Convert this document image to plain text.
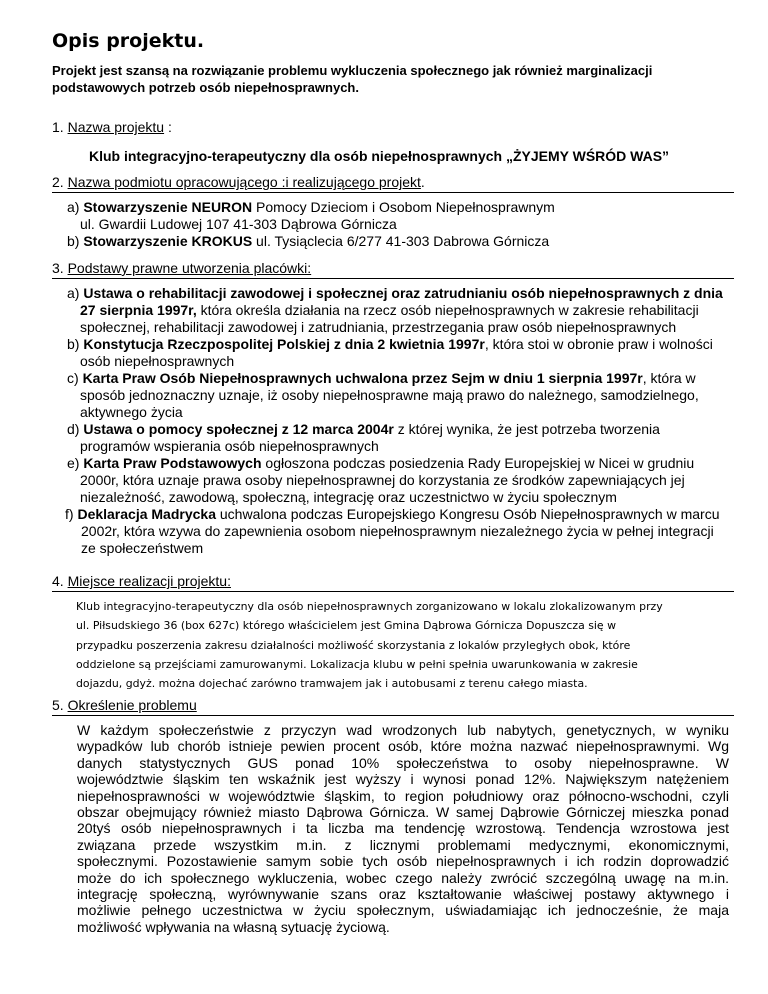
Opis projektu.

Projekt jest szansą na rozwiązanie problemu wykluczenia społecznego jak również marginalizacji podstawowych potrzeb osób niepełnosprawnych.

1. Nazwa projektu :
Klub integracyjno-terapeutyczny dla osób niepełnosprawnych „ŻYJEMY WŚRÓD WAS”
2. Nazwa podmiotu opracowującego :i realizującego projekt.
a) Stowarzyszenie NEURON Pomocy Dzieciom i Osobom Niepełnosprawnym
ul. Gwardii Ludowej 107 41-303 Dąbrowa Górnicza
b) Stowarzyszenie KROKUS ul. Tysiąclecia 6/277 41-303 Dabrowa Górnicza
3. Podstawy prawne utworzenia placówki:
a) Ustawa o rehabilitacji zawodowej i społecznej oraz zatrudnianiu osób niepełnosprawnych z dnia 27 sierpnia 1997r, która określa działania na rzecz osób niepełnosprawnych w zakresie rehabilitacji społecznej, rehabilitacji zawodowej i zatrudniania, przestrzegania praw osób niepełnosprawnych
b) Konstytucja Rzeczpospolitej Polskiej z dnia 2 kwietnia 1997r, która stoi w obronie praw i wolności osób niepełnosprawnych
c) Karta Praw Osób Niepełnosprawnych uchwalona przez Sejm w dniu 1 sierpnia 1997r, która w sposób jednoznaczny uznaje, iż osoby niepełnosprawne mają prawo do należnego, samodzielnego, aktywnego życia
d) Ustawa o pomocy społecznej z 12 marca 2004r z której wynika, że jest potrzeba tworzenia programów wspierania osób niepełnosprawnych
e) Karta Praw Podstawowych ogłoszona podczas posiedzenia Rady Europejskiej w Nicei w grudniu 2000r, która uznaje prawa osoby niepełnosprawnej do korzystania ze środków zapewniających jej niezależność, zawodową, społeczną, integrację oraz uczestnictwo w życiu społecznym
f) Deklaracja Madrycka uchwalona podczas Europejskiego Kongresu Osób Niepełnosprawnych w marcu 2002r, która wzywa do zapewnienia osobom niepełnosprawnym niezależnego życia w pełnej integracji ze społeczeństwem
4. Miejsce realizacji projektu:
Klub integracyjno-terapeutyczny dla osób niepełnosprawnych zorganizowano w lokalu zlokalizowanym przy
ul. Piłsudskiego 36 (box 627c) którego właścicielem jest Gmina Dąbrowa Górnicza Dopuszcza się w
przypadku poszerzenia zakresu działalności możliwość skorzystania z lokalów przyległych obok, które
oddzielone są przejściami zamurowanymi. Lokalizacja klubu w pełni spełnia uwarunkowania w zakresie
dojazdu, gdyż. można dojechać zarówno tramwajem jak i autobusami z terenu całego miasta.
5. Określenie problemu
W każdym społeczeństwie z przyczyn wad wrodzonych lub nabytych, genetycznych, w wyniku
wypadków lub chorób istnieje pewien procent osób, które można nazwać niepełnosprawnymi. Wg
danych statystycznych GUS ponad 10% społeczeństwa to osoby niepełnosprawne. W
województwie śląskim ten wskaźnik jest wyższy i wynosi ponad 12%. Największym natężeniem
niepełnosprawności w województwie śląskim, to region południowy oraz północno-wschodni, czyli
obszar obejmujący również miasto Dąbrowa Górnicza. W samej Dąbrowie Górniczej mieszka ponad
20tyś osób niepełnosprawnych i ta liczba ma tendencję wzrostową. Tendencja wzrostowa jest
związana przede wszystkim m.in. z licznymi problemami medycznymi, ekonomicznymi,
społecznymi. Pozostawienie samym sobie tych osób niepełnosprawnych i ich rodzin doprowadzić
może do ich społecznego wykluczenia, wobec czego należy zwrócić szczególną uwagę na m.in.
integrację społeczną, wyrównywanie szans oraz kształtowanie właściwej postawy aktywnego i
możliwie pełnego uczestnictwa w życiu społecznym, uświadamiając ich jednocześnie, że maja
możliwość wpływania na własną sytuację życiową.
